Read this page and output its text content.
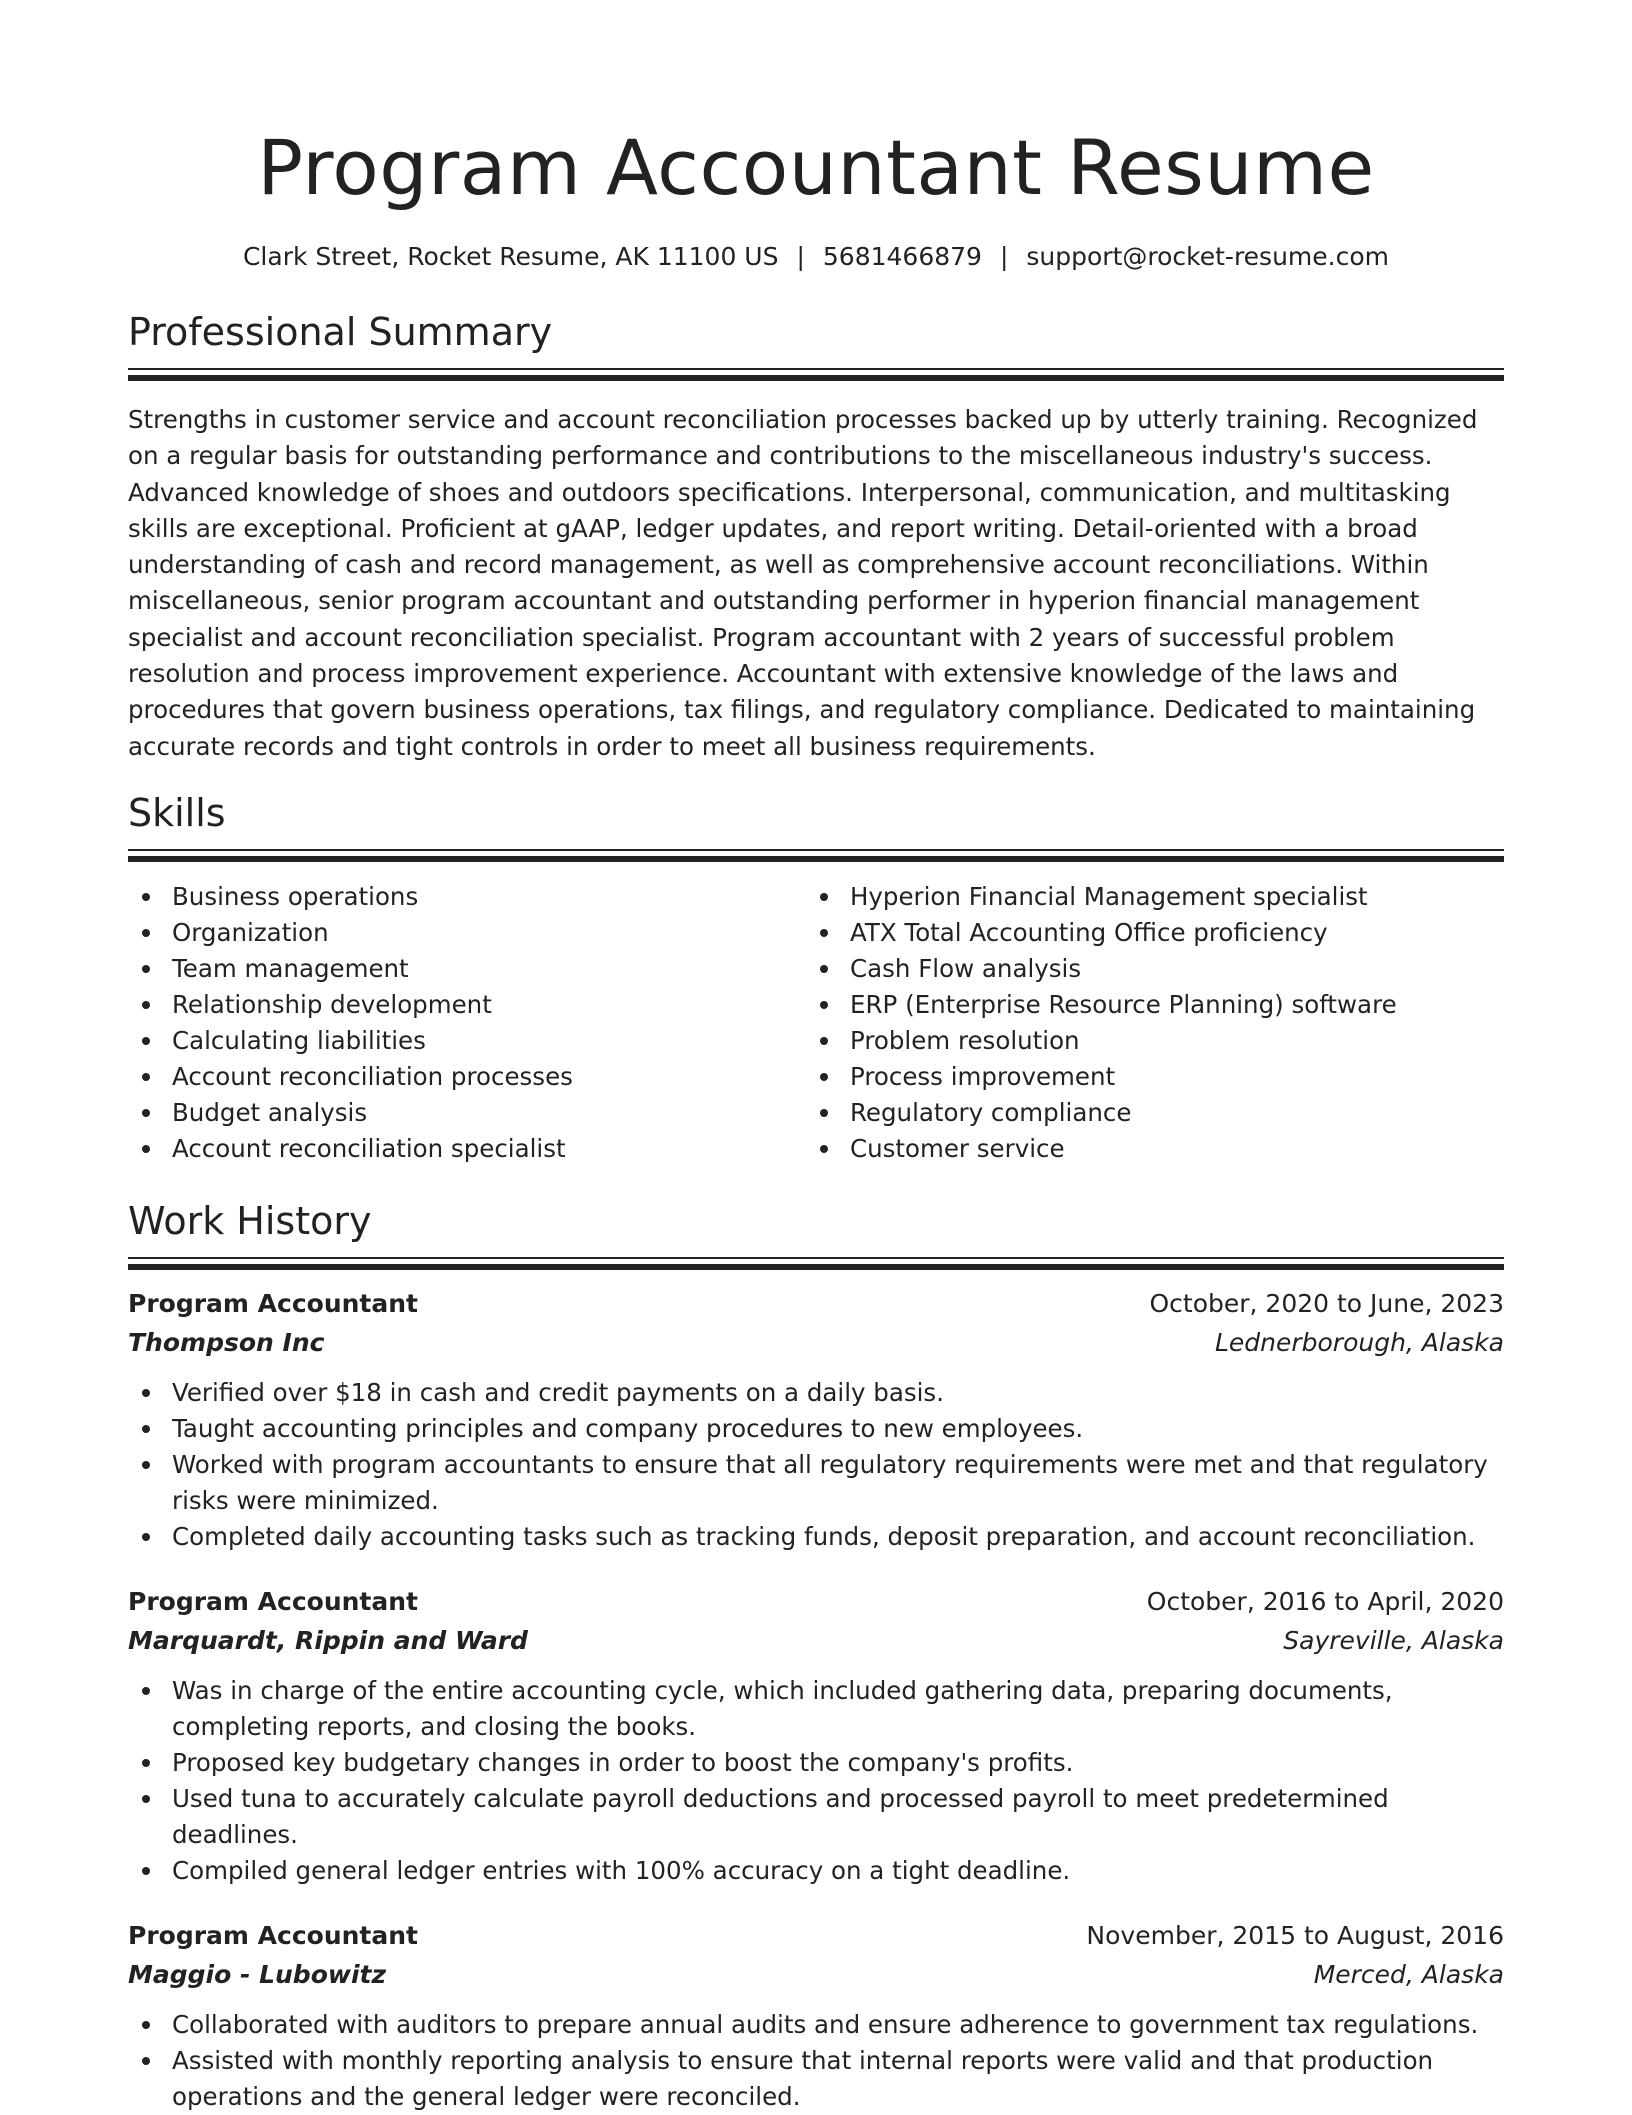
Program Accountant Resume
Clark Street, Rocket Resume, AK 11100 US | 5681466879 | support@rocket-resume.com
Professional Summary
Strengths in customer service and account reconciliation processes backed up by utterly training. Recognized on a regular basis for outstanding performance and contributions to the miscellaneous industry's success. Advanced knowledge of shoes and outdoors specifications. Interpersonal, communication, and multitasking skills are exceptional. Proficient at gAAP, ledger updates, and report writing. Detail-oriented with a broad understanding of cash and record management, as well as comprehensive account reconciliations. Within miscellaneous, senior program accountant and outstanding performer in hyperion financial management specialist and account reconciliation specialist. Program accountant with 2 years of successful problem resolution and process improvement experience. Accountant with extensive knowledge of the laws and procedures that govern business operations, tax filings, and regulatory compliance. Dedicated to maintaining accurate records and tight controls in order to meet all business requirements.
Skills
Business operations
Organization
Team management
Relationship development
Calculating liabilities
Account reconciliation processes
Budget analysis
Account reconciliation specialist
Hyperion Financial Management specialist
ATX Total Accounting Office proficiency
Cash Flow analysis
ERP (Enterprise Resource Planning) software
Problem resolution
Process improvement
Regulatory compliance
Customer service
Work History
Program Accountant	October, 2020 to June, 2023
Thompson Inc	Lednerborough, Alaska
Verified over $18 in cash and credit payments on a daily basis.
Taught accounting principles and company procedures to new employees.
Worked with program accountants to ensure that all regulatory requirements were met and that regulatory risks were minimized.
Completed daily accounting tasks such as tracking funds, deposit preparation, and account reconciliation.
Program Accountant	October, 2016 to April, 2020
Marquardt, Rippin and Ward	Sayreville, Alaska
Was in charge of the entire accounting cycle, which included gathering data, preparing documents, completing reports, and closing the books.
Proposed key budgetary changes in order to boost the company's profits.
Used tuna to accurately calculate payroll deductions and processed payroll to meet predetermined deadlines.
Compiled general ledger entries with 100% accuracy on a tight deadline.
Program Accountant	November, 2015 to August, 2016
Maggio - Lubowitz	Merced, Alaska
Collaborated with auditors to prepare annual audits and ensure adherence to government tax regulations.
Assisted with monthly reporting analysis to ensure that internal reports were valid and that production operations and the general ledger were reconciled.
